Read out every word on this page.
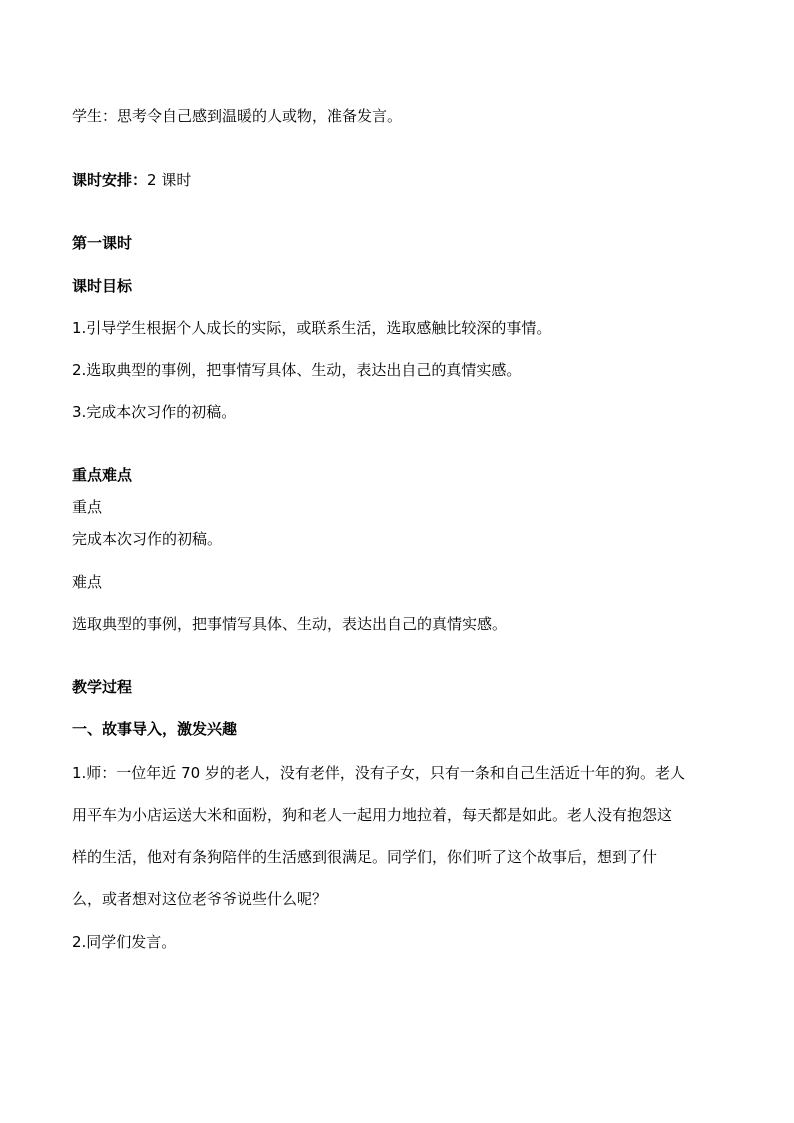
学生：思考令自己感到温暖的人或物，准备发言。
课时安排：2 课时
第一课时
课时目标
1.引导学生根据个人成长的实际，或联系生活，选取感触比较深的事情。
2.选取典型的事例，把事情写具体、生动，表达出自己的真情实感。
3.完成本次习作的初稿。
重点难点
重点
完成本次习作的初稿。
难点
选取典型的事例，把事情写具体、生动，表达出自己的真情实感。
教学过程
一、故事导入，激发兴趣
1.师：一位年近 70 岁的老人，没有老伴，没有子女，只有一条和自己生活近十年的狗。老人
用平车为小店运送大米和面粉，狗和老人一起用力地拉着，每天都是如此。老人没有抱怨这
样的生活，他对有条狗陪伴的生活感到很满足。同学们，你们听了这个故事后，想到了什
么，或者想对这位老爷爷说些什么呢？
2.同学们发言。
